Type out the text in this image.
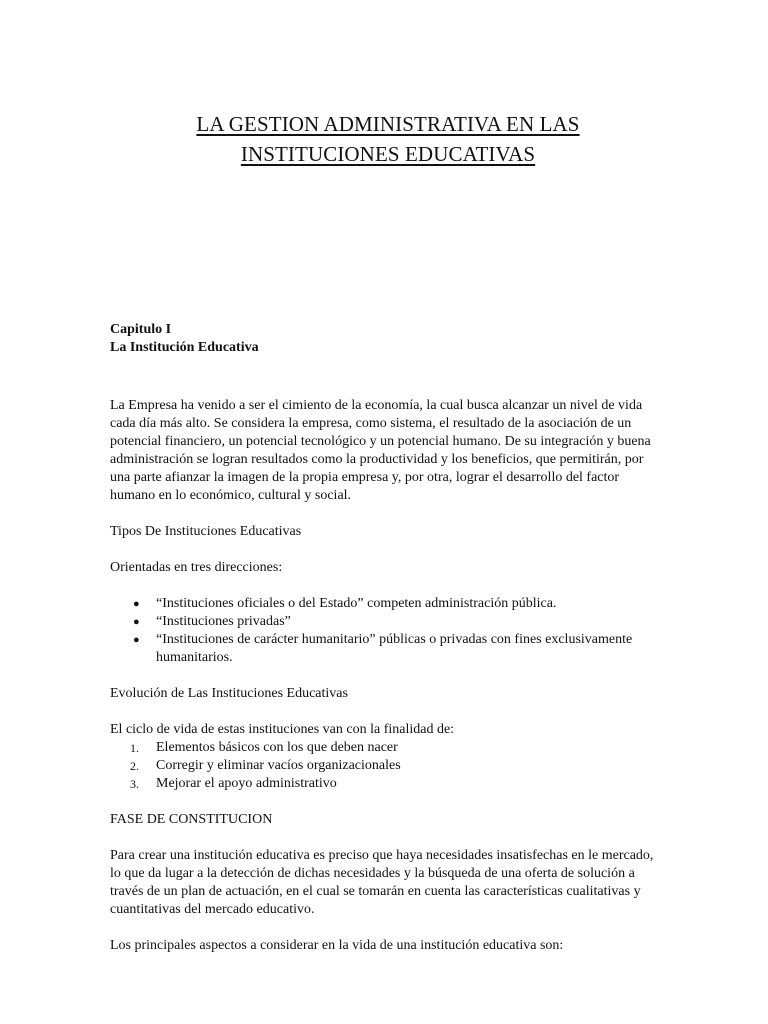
LA GESTION ADMINISTRATIVA EN LAS
INSTITUCIONES EDUCATIVAS

Capitulo I

La Institución Educativa

La Empresa ha venido a ser el cimiento de la economía, la cual busca alcanzar un nivel de vida cada día más alto. Se considera la empresa, como sistema, el resultado de la asociación de un potencial financiero, un potencial tecnológico y un potencial humano. De su integración y buena administración se logran resultados como la productividad y los beneficios, que permitirán, por una parte afianzar la imagen de la propia empresa y, por otra, lograr el desarrollo del factor humano en lo económico, cultural y social.

Tipos De Instituciones Educativas

Orientadas en tres direcciones:

● “Instituciones oficiales o del Estado” competen administración pública.
● “Instituciones privadas”
● “Instituciones de carácter humanitario” públicas o privadas con fines exclusivamente humanitarios.

Evolución de Las Instituciones Educativas

El ciclo de vida de estas instituciones van con la finalidad de:

1. Elementos básicos con los que deben nacer
2. Corregir y eliminar vacíos organizacionales
3. Mejorar el apoyo administrativo

FASE DE CONSTITUCION

Para crear una institución educativa es preciso que haya necesidades insatisfechas en le mercado, lo que da lugar a la detección de dichas necesidades y la búsqueda de una oferta de solución a través de un plan de actuación, en el cual se tomarán en cuenta las características cualitativas y cuantitativas del mercado educativo.

Los principales aspectos a considerar en la vida de una institución educativa son:
